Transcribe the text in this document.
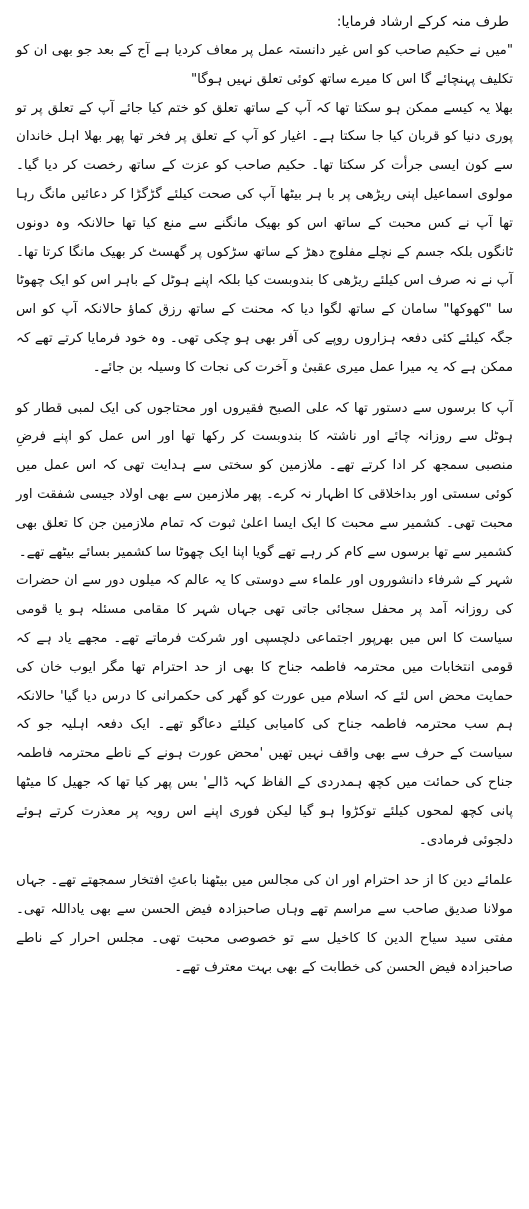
طرف منہ کرکے ارشاد فرمایا:

"میں نے حکیم صاحب کو اس غیر دانستہ عمل پر معاف کردیا ہے آج کے بعد جو بھی ان کو تکلیف پہنچائے گا اس کا میرے ساتھ کوئی تعلق نہیں ہوگا"

بھلا یہ کیسے ممکن ہو سکتا تھا کہ آپ کے ساتھ تعلق کو ختم کیا جائے آپ کے تعلق پر تو پوری دنیا کو قربان کیا جا سکتا ہے۔ اغیار کو آپ کے تعلق پر فخر تھا پھر بھلا اہل خاندان سے کون ایسی جرأت کر سکتا تھا۔ حکیم صاحب کو عزت کے ساتھ رخصت کر دیا گیا۔ مولوی اسماعیل اپنی ریڑھی پر با ہر بیٹھا آپ کی صحت کیلئے گڑگڑا کر دعائیں مانگ رہا تھا آپ نے کس محبت کے ساتھ اس کو بھیک مانگنے سے منع کیا تھا حالانکہ وہ دونوں ٹانگوں بلکہ جسم کے نچلے مفلوج دھڑ کے ساتھ سڑکوں پر گھسٹ کر بھیک مانگا کرتا تھا۔ آپ نے نہ صرف اس کیلئے ریڑھی کا بندوبست کیا بلکہ اپنے ہوٹل کے باہر اس کو ایک چھوٹا سا "کھوکھا" سامان کے ساتھ لگوا دیا کہ محنت کے ساتھ رزق کماؤ حالانکہ آپ کو اس جگہ کیلئے کئی دفعہ ہزاروں روپے کی آفر بھی ہو چکی تھی۔ وہ خود فرمایا کرتے تھے کہ ممکن ہے کہ یہ میرا عمل میری عقبیٰ و آخرت کی نجات کا وسیلہ بن جائے۔

آپ کا برسوں سے دستور تھا کہ علی الصبح فقیروں اور محتاجوں کی ایک لمبی قطار کو ہوٹل سے روزانہ چائے اور ناشتہ کا بندوبست کر رکھا تھا اور اس عمل کو اپنے فرضِ منصبی سمجھ کر ادا کرتے تھے۔ ملازمین کو سختی سے ہدایت تھی کہ اس عمل میں کوئی سستی اور بداخلاقی کا اظہار نہ کرے۔ پھر ملازمین سے بھی اولاد جیسی شفقت اور محبت تھی۔ کشمیر سے محبت کا ایک ایسا اعلیٰ ثبوت کہ تمام ملازمین جن کا تعلق بھی کشمیر سے تھا برسوں سے کام کر رہے تھے گویا اپنا ایک چھوٹا سا کشمیر بسائے بیٹھے تھے۔

شہر کے شرفاء دانشوروں اور علماء سے دوستی کا یہ عالم کہ میلوں دور سے ان حضرات کی روزانہ آمد پر محفل سجائی جاتی تھی جہاں شہر کا مقامی مسئلہ ہو یا قومی سیاست کا اس میں بھرپور اجتماعی دلچسپی اور شرکت فرماتے تھے۔ مجھے یاد ہے کہ قومی انتخابات میں محترمہ فاطمہ جناح کا بھی از حد احترام تھا مگر ایوب خان کی حمایت محض اس لئے کہ اسلام میں عورت کو گھر کی حکمرانی کا درس دیا گیا' حالانکہ ہم سب محترمہ فاطمہ جناح کی کامیابی کیلئے دعاگو تھے۔ ایک دفعہ اہلیہ جو کہ سیاست کے حرف سے بھی واقف نہیں تھیں 'محض عورت ہونے کے ناطے محترمہ فاطمہ جناح کی حمائت میں کچھ ہمدردی کے الفاظ کہہ ڈالے' بس پھر کیا تھا کہ جھیل کا میٹھا پانی کچھ لمحوں کیلئے توکڑوا ہو گیا لیکن فوری اپنے اس رویہ پر معذرت کرتے ہوئے دلجوئی فرمادی۔

علمائے دین کا از حد احترام اور ان کی مجالس میں بیٹھنا باعثِ افتخار سمجھتے تھے۔ جہاں مولانا صدیق صاحب سے مراسم تھے وہاں صاحبزادہ فیض الحسن سے بھی یاداللہ تھی۔ مفتی سید سیاح الدین کا کاخیل سے تو خصوصی محبت تھی۔ مجلس احرار کے ناطے صاحبزادہ فیض الحسن کی خطابت کے بھی بہت معترف تھے۔
